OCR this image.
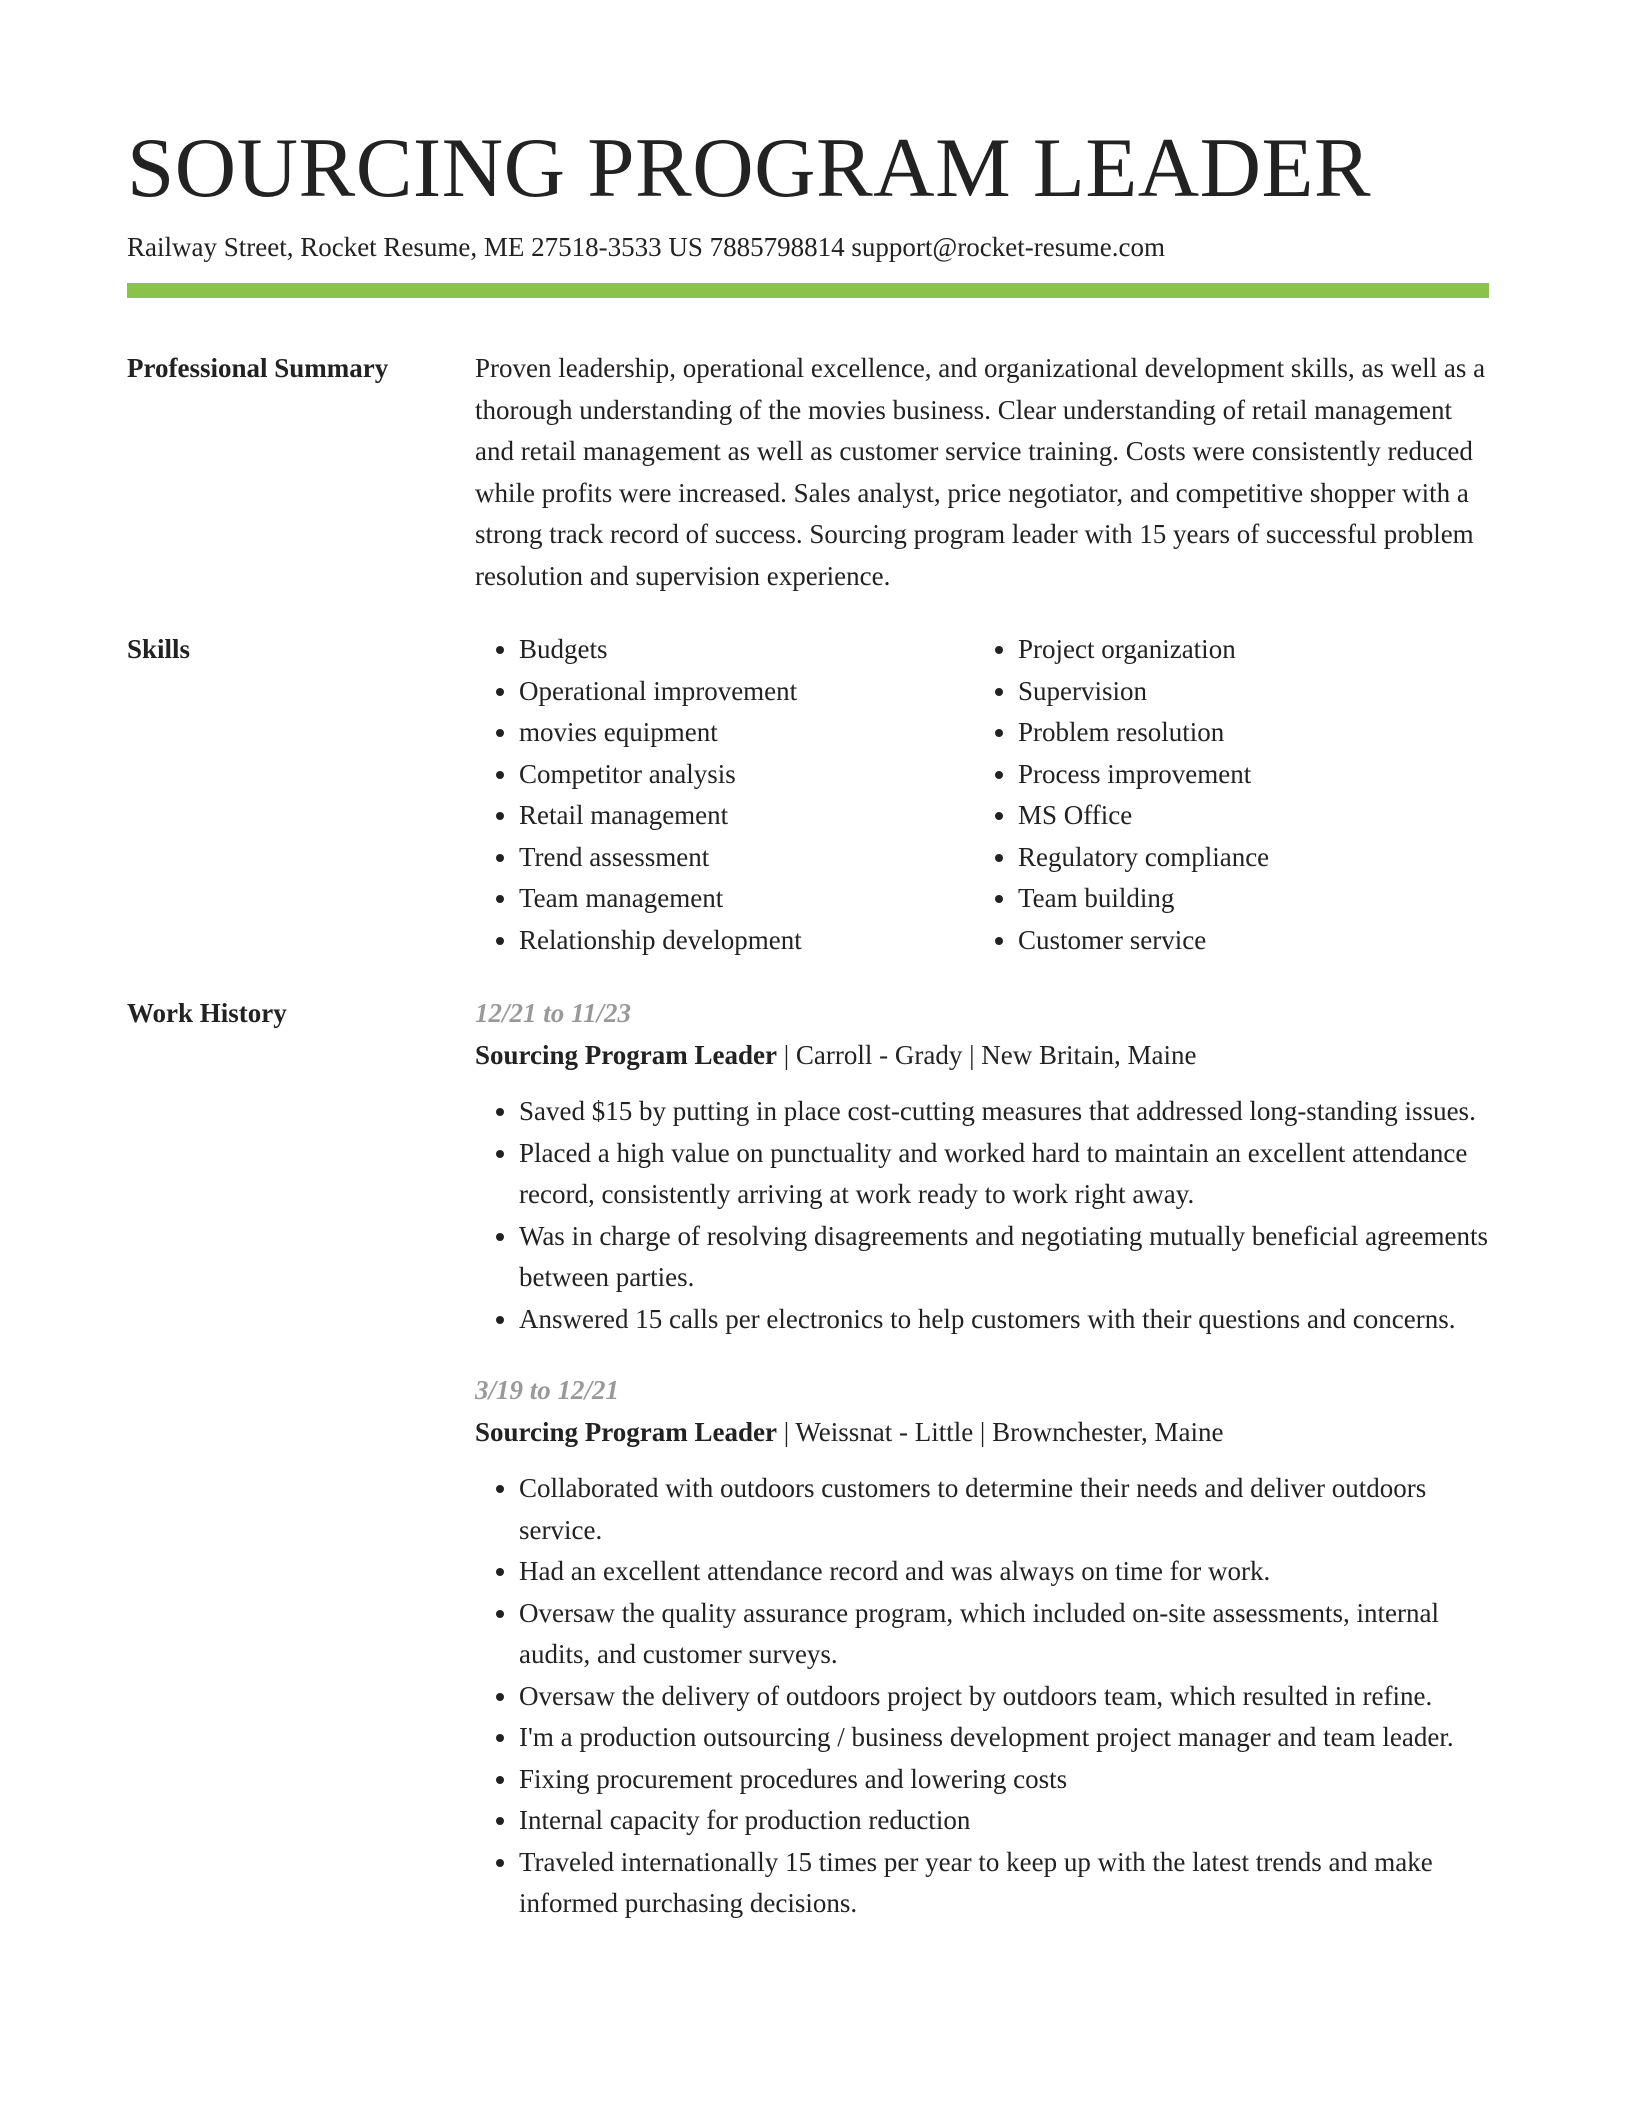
SOURCING PROGRAM LEADER
Railway Street, Rocket Resume, ME 27518-3533 US 7885798814 support@rocket-resume.com
Professional Summary	Proven leadership, operational excellence, and organizational development skills, as well as a thorough understanding of the movies business. Clear understanding of retail management and retail management as well as customer service training. Costs were consistently reduced while profits were increased. Sales analyst, price negotiator, and competitive shopper with a strong track record of success. Sourcing program leader with 15 years of successful problem resolution and supervision experience.

Skills
•	Budgets
• Operational improvement
• movies equipment
• Competitor analysis
• Retail management
• Trend assessment
• Team management
• Relationship development
• Project organization
• Supervision
• Problem resolution
• Process improvement
• MS Office
• Regulatory compliance
• Team building
• Customer service
Work History	12/21 to 11/23

Sourcing Program Leader | Carroll - Grady | New Britain, Maine

• Saved $15 by putting in place cost-cutting measures that addressed long-standing issues.
• Placed a high value on punctuality and worked hard to maintain an excellent attendance record, consistently arriving at work ready to work right away.
• Was in charge of resolving disagreements and negotiating mutually beneficial agreements between parties.
• Answered 15 calls per electronics to help customers with their questions and concerns.

3/19 to 12/21

Sourcing Program Leader | Weissnat - Little | Brownchester, Maine

• Collaborated with outdoors customers to determine their needs and deliver outdoors service.
• Had an excellent attendance record and was always on time for work.
• Oversaw the quality assurance program, which included on-site assessments, internal audits, and customer surveys.
• Oversaw the delivery of outdoors project by outdoors team, which resulted in refine.
• I'm a production outsourcing / business development project manager and team leader.
• Fixing procurement procedures and lowering costs
• Internal capacity for production reduction
• Traveled internationally 15 times per year to keep up with the latest trends and make informed purchasing decisions.
